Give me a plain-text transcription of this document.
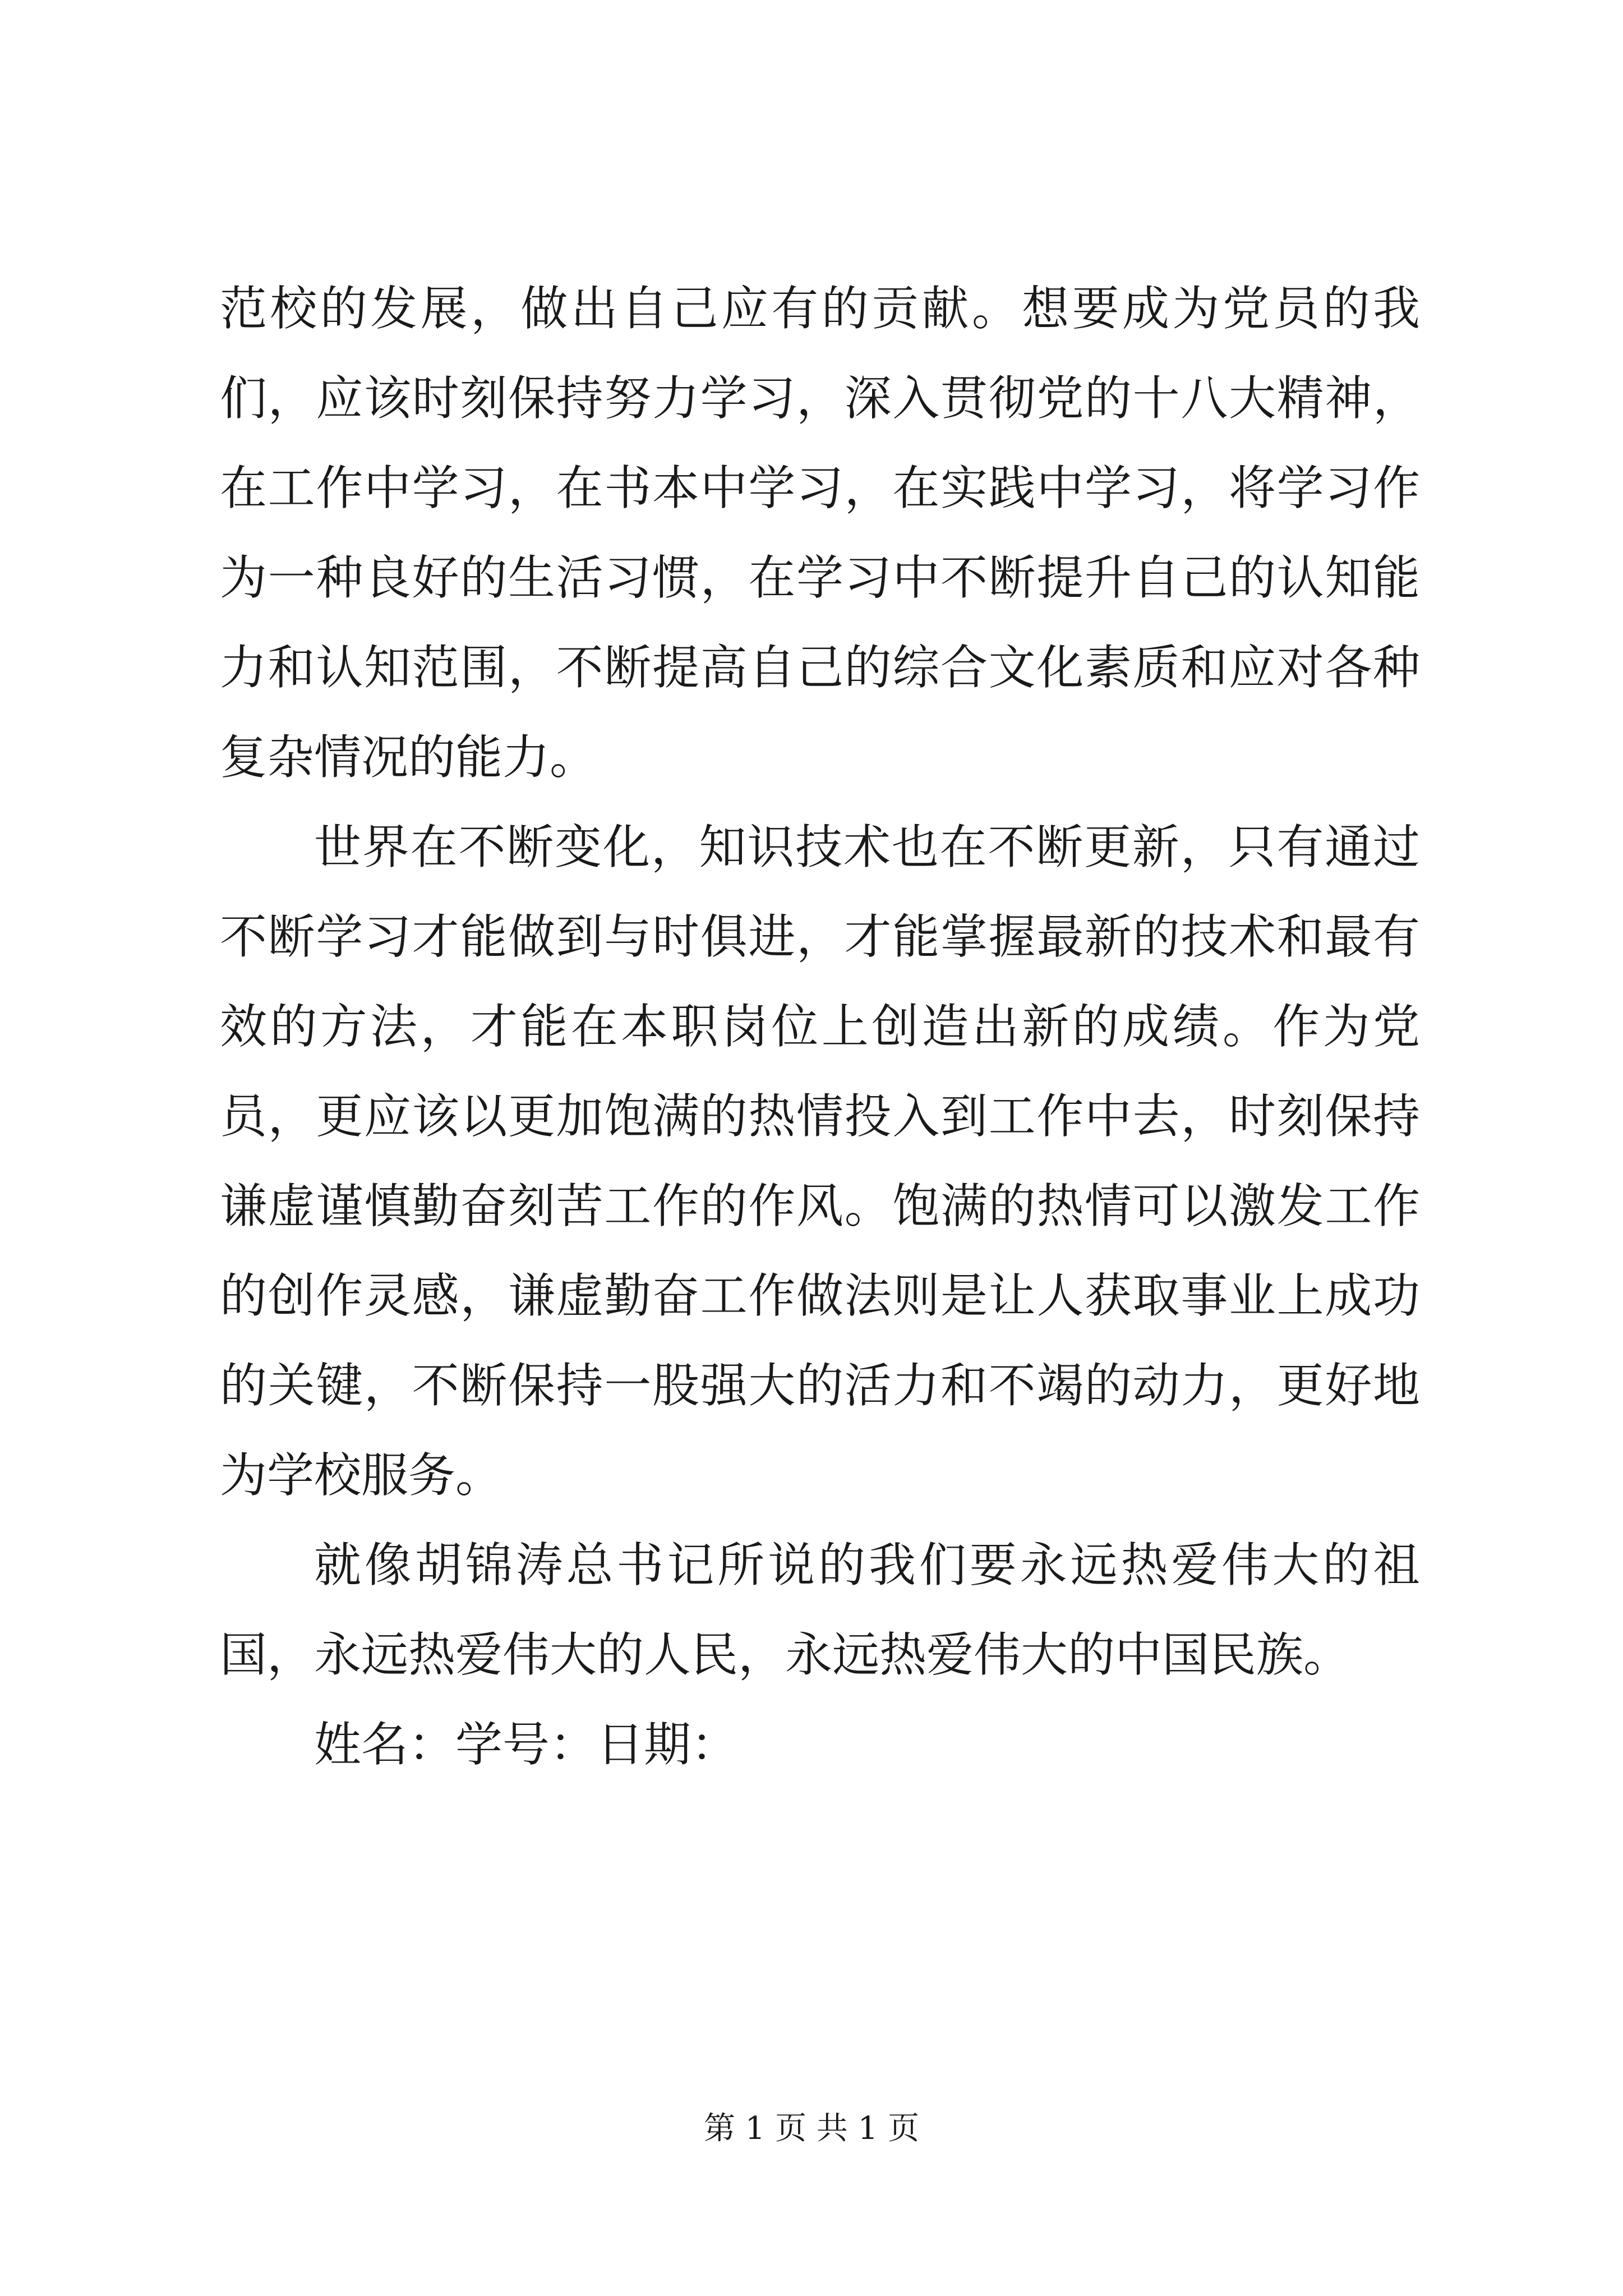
范校的发展，做出自己应有的贡献。想要成为党员的我们，应该时刻保持努力学习，深入贯彻党的十八大精神，在工作中学习，在书本中学习，在实践中学习，将学习作为一种良好的生活习惯，在学习中不断提升自己的认知能力和认知范围，不断提高自己的综合文化素质和应对各种复杂情况的能力。

世界在不断变化，知识技术也在不断更新，只有通过不断学习才能做到与时俱进，才能掌握最新的技术和最有效的方法，才能在本职岗位上创造出新的成绩。作为党员，更应该以更加饱满的热情投入到工作中去，时刻保持谦虚谨慎勤奋刻苦工作的作风。饱满的热情可以激发工作的创作灵感，谦虚勤奋工作做法则是让人获取事业上成功的关键，不断保持一股强大的活力和不竭的动力，更好地为学校服务。

就像胡锦涛总书记所说的我们要永远热爱伟大的祖国，永远热爱伟大的人民，永远热爱伟大的中国民族。

姓名：学号：日期：

第 1 页 共 1 页
